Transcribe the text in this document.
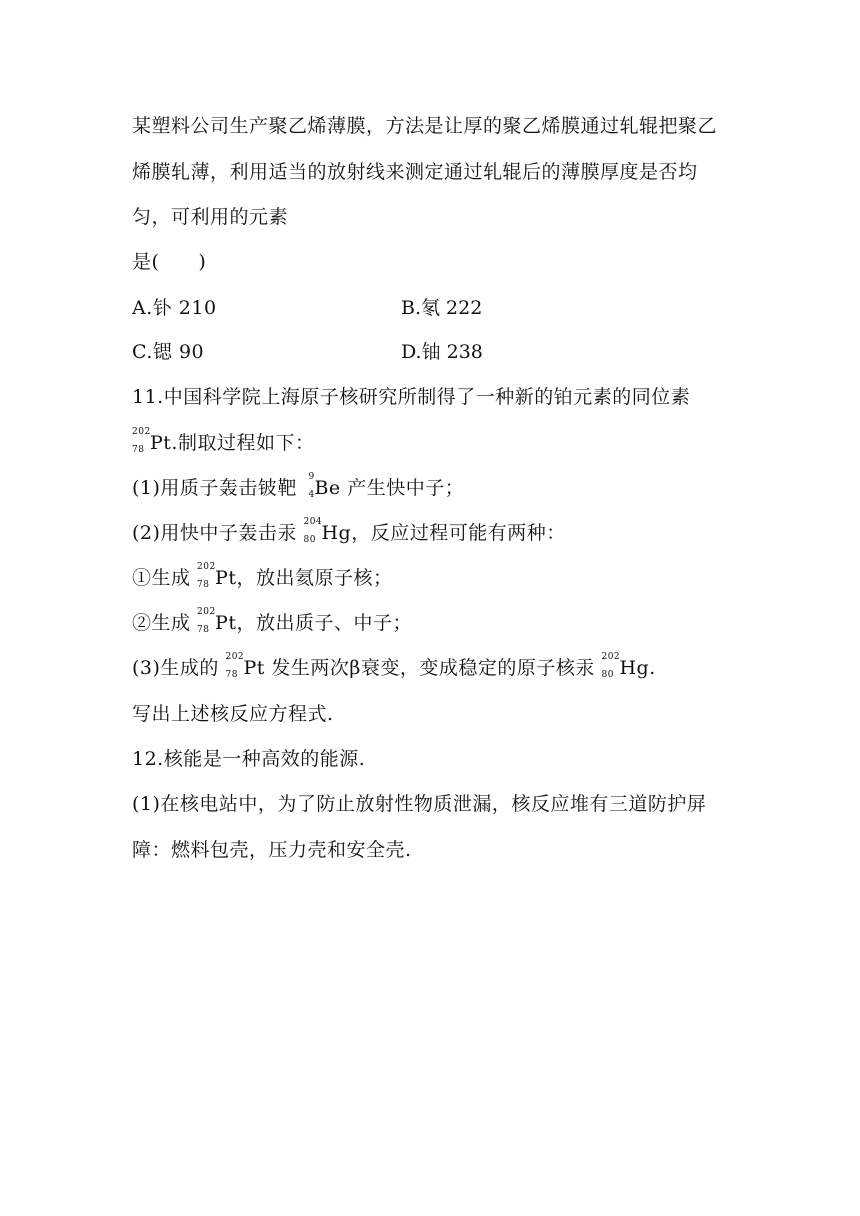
某塑料公司生产聚乙烯薄膜，方法是让厚的聚乙烯膜通过轧辊把聚乙
烯膜轧薄，利用适当的放射线来测定通过轧辊后的薄膜厚度是否均
匀，可利用的元素
是(　　)
A.钋 210	B.氡 222
C.锶 90	D.铀 238
11.中国科学院上海原子核研究所制得了一种新的铂元素的同位素
202
78 Pt.制取过程如下：
(1)用质子轰击铍靶 9
4 Be 产生快中子；
(2)用快中子轰击汞 204
80 Hg，反应过程可能有两种：
①生成 202
78 Pt，放出氦原子核；
②生成 202
78 Pt，放出质子、中子；
(3)生成的 202
78 Pt 发生两次β衰变，变成稳定的原子核汞 202
80 Hg.
写出上述核反应方程式.
12.核能是一种高效的能源.
(1)在核电站中，为了防止放射性物质泄漏，核反应堆有三道防护屏
障：燃料包壳，压力壳和安全壳.
